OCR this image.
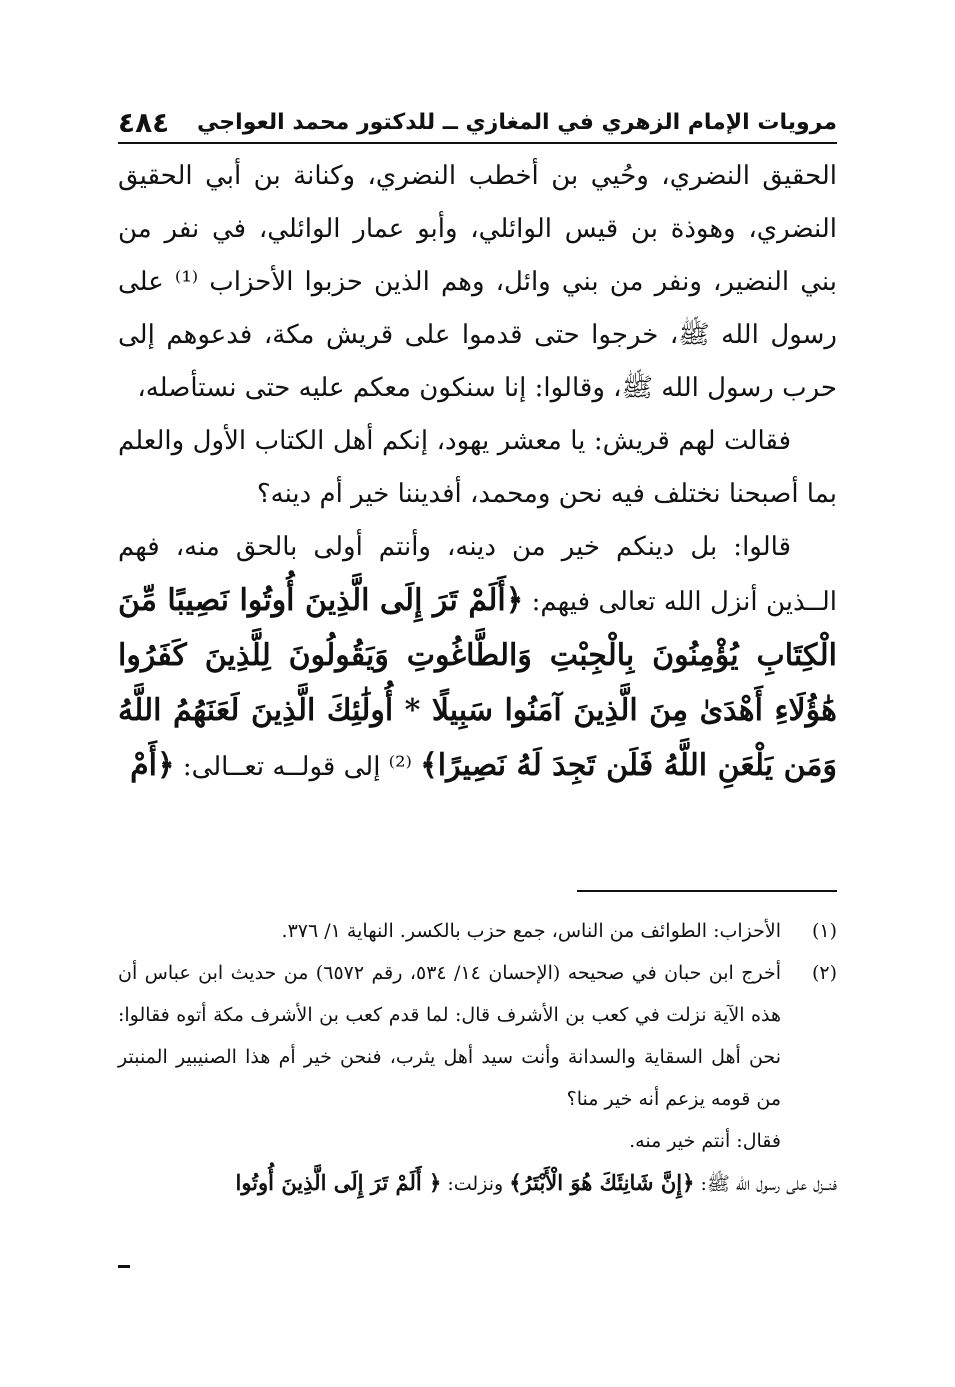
مرويات الإمام الزهري في المغازي ــ للدكتور محمد العواجي
٤٨٤

الحقيق النضري، وحُيي بن أخطب النضري، وكنانة بن أبي الحقيق النضري، وهوذة بن قيس الوائلي، وأبو عمار الوائلي، في نفر من بني النضير، ونفر من بني وائل، وهم الذين حزبوا الأحزاب ⁽¹⁾ على رسول الله ﷺ، خرجوا حتى قدموا على قريش مكة، فدعوهم إلى حرب رسول الله ﷺ، وقالوا: إنا سنكون معكم عليه حتى نستأصله،

فقالت لهم قريش: يا معشر يهود، إنكم أهل الكتاب الأول والعلم بما أصبحنا نختلف فيه نحن ومحمد، أفديننا خير أم دينه؟

قالوا: بل دينكم خير من دينه، وأنتم أولى بالحق منه، فهم الــذين أنزل الله تعالى فيهم: ﴿أَلَمْ تَرَ إِلَى الَّذِينَ أُوتُوا نَصِيبًا مِّنَ الْكِتَابِ يُؤْمِنُونَ بِالْجِبْتِ وَالطَّاغُوتِ وَيَقُولُونَ لِلَّذِينَ كَفَرُوا هَٰؤُلَاءِ أَهْدَىٰ مِنَ الَّذِينَ آمَنُوا سَبِيلًا * أُولَٰئِكَ الَّذِينَ لَعَنَهُمُ اللَّهُ وَمَن يَلْعَنِ اللَّهُ فَلَن تَجِدَ لَهُ نَصِيرًا﴾ ⁽²⁾ إلى قولــه تعــالى: ﴿أَمْ

(١)

الأحزاب: الطوائف من الناس، جمع حزب بالكسر. النهاية ١/ ٣٧٦.

(٢)

أخرج ابن حبان في صحيحه (الإحسان ١٤/ ٥٣٤، رقم ٦٥٧٢) من حديث ابن عباس أن هذه الآية نزلت في كعب بن الأشرف قال: لما قدم كعب بن الأشرف مكة أتوه فقالوا: نحن أهل السقاية والسدانة وأنت سيد أهل يثرب، فنحن خير أم هذا الصنيبير المنبتر من قومه يزعم أنه خير منا؟

فقال: أنتم خير منه.

فنــزل على رسول الله ﷺ: ﴿إِنَّ شَانِئَكَ هُوَ الْأَبْتَرُ﴾ ونزلت: ﴿ أَلَمْ تَرَ إِلَى الَّذِينَ أُوتُوا
